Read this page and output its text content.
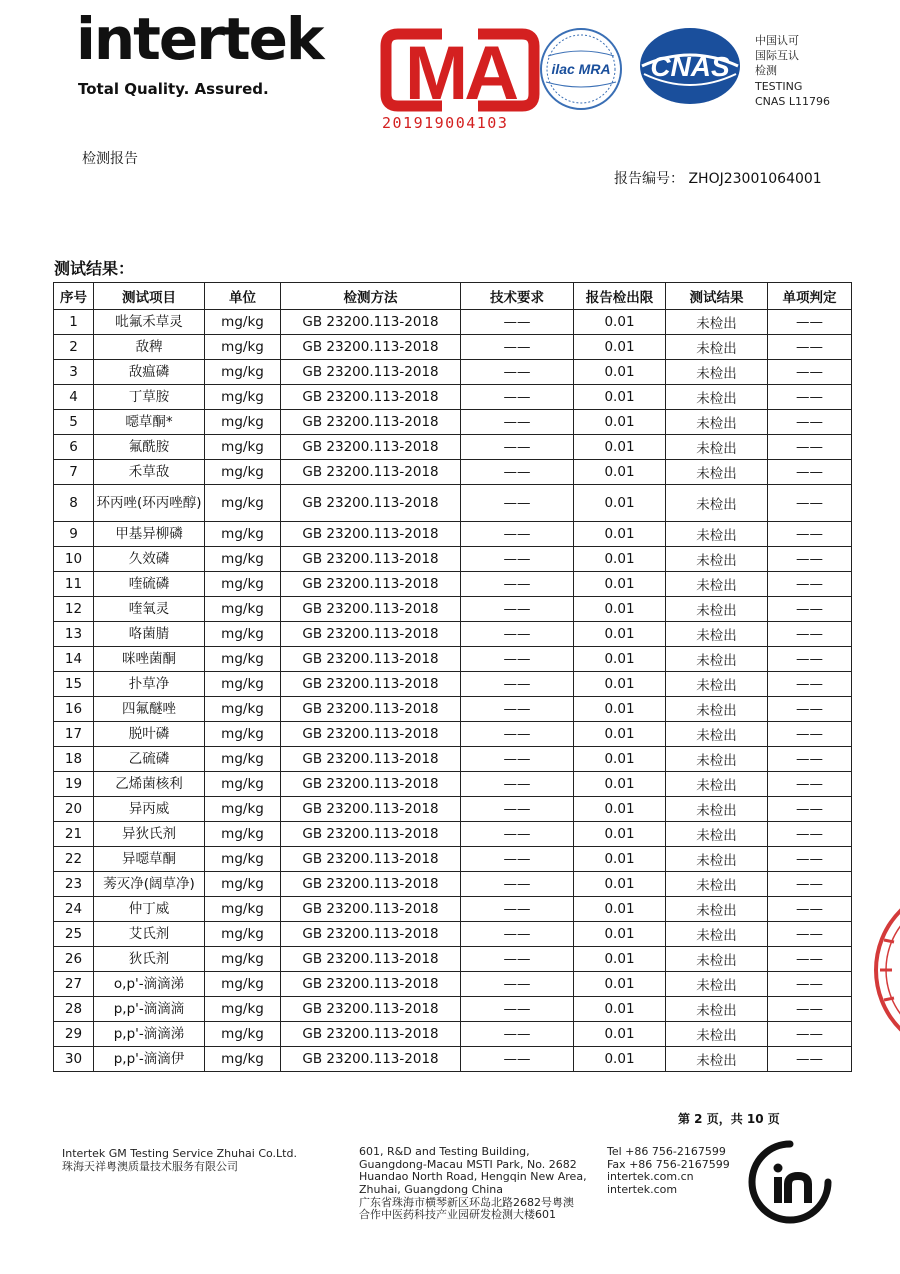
intertek
Total Quality. Assured. MA
201919004103
ilac MRA CNAS
中国认可
国际互认
检测
TESTING
CNAS L11796
检测报告
报告编号： ZHOJ23001064001
测试结果：
序号	测试项目	单位	检测方法	技术要求	报告检出限	测试结果	单项判定
1	吡氟禾草灵	mg/kg	GB 23200.113-2018	——	0.01	未检出	——
2	敌稗	mg/kg	GB 23200.113-2018	——	0.01	未检出	——
3	敌瘟磷	mg/kg	GB 23200.113-2018	——	0.01	未检出	——
4	丁草胺	mg/kg	GB 23200.113-2018	——	0.01	未检出	——
5	噁草酮*	mg/kg	GB 23200.113-2018	——	0.01	未检出	——
6	氟酰胺	mg/kg	GB 23200.113-2018	——	0.01	未检出	——
7	禾草敌	mg/kg	GB 23200.113-2018	——	0.01	未检出	——
8	环丙唑(环丙唑醇)	mg/kg	GB 23200.113-2018	——	0.01	未检出	——
9	甲基异柳磷	mg/kg	GB 23200.113-2018	——	0.01	未检出	——
10	久效磷	mg/kg	GB 23200.113-2018	——	0.01	未检出	——
11	喹硫磷	mg/kg	GB 23200.113-2018	——	0.01	未检出	——
12	喹氧灵	mg/kg	GB 23200.113-2018	——	0.01	未检出	——
13	咯菌腈	mg/kg	GB 23200.113-2018	——	0.01	未检出	——
14	咪唑菌酮	mg/kg	GB 23200.113-2018	——	0.01	未检出	——
15	扑草净	mg/kg	GB 23200.113-2018	——	0.01	未检出	——
16	四氟醚唑	mg/kg	GB 23200.113-2018	——	0.01	未检出	——
17	脱叶磷	mg/kg	GB 23200.113-2018	——	0.01	未检出	——
18	乙硫磷	mg/kg	GB 23200.113-2018	——	0.01	未检出	——
19	乙烯菌核利	mg/kg	GB 23200.113-2018	——	0.01	未检出	——
20	异丙威	mg/kg	GB 23200.113-2018	——	0.01	未检出	——
21	异狄氏剂	mg/kg	GB 23200.113-2018	——	0.01	未检出	——
22	异噁草酮	mg/kg	GB 23200.113-2018	——	0.01	未检出	——
23	莠灭净(阔草净)	mg/kg	GB 23200.113-2018	——	0.01	未检出	——
24	仲丁威	mg/kg	GB 23200.113-2018	——	0.01	未检出	——
25	艾氏剂	mg/kg	GB 23200.113-2018	——	0.01	未检出	——
26	狄氏剂	mg/kg	GB 23200.113-2018	——	0.01	未检出	——
27	o,p'-滴滴涕	mg/kg	GB 23200.113-2018	——	0.01	未检出	——
28	p,p'-滴滴滴	mg/kg	GB 23200.113-2018	——	0.01	未检出	——
29	p,p'-滴滴涕	mg/kg	GB 23200.113-2018	——	0.01	未检出	——
30	p,p'-滴滴伊	mg/kg	GB 23200.113-2018	——	0.01	未检出	——
第 2 页，共 10 页
Intertek GM Testing Service Zhuhai Co.Ltd.
珠海天祥粤澳质量技术服务有限公司
601, R&D and Testing Building,
Guangdong-Macau MSTI Park, No. 2682
Huandao North Road, Hengqin New Area,
Zhuhai, Guangdong China
广东省珠海市横琴新区环岛北路2682号粤澳
合作中医药科技产业园研发检测大楼601
Tel +86 756-2167599
Fax +86 756-2167599
intertek.com.cn
intertek.com
